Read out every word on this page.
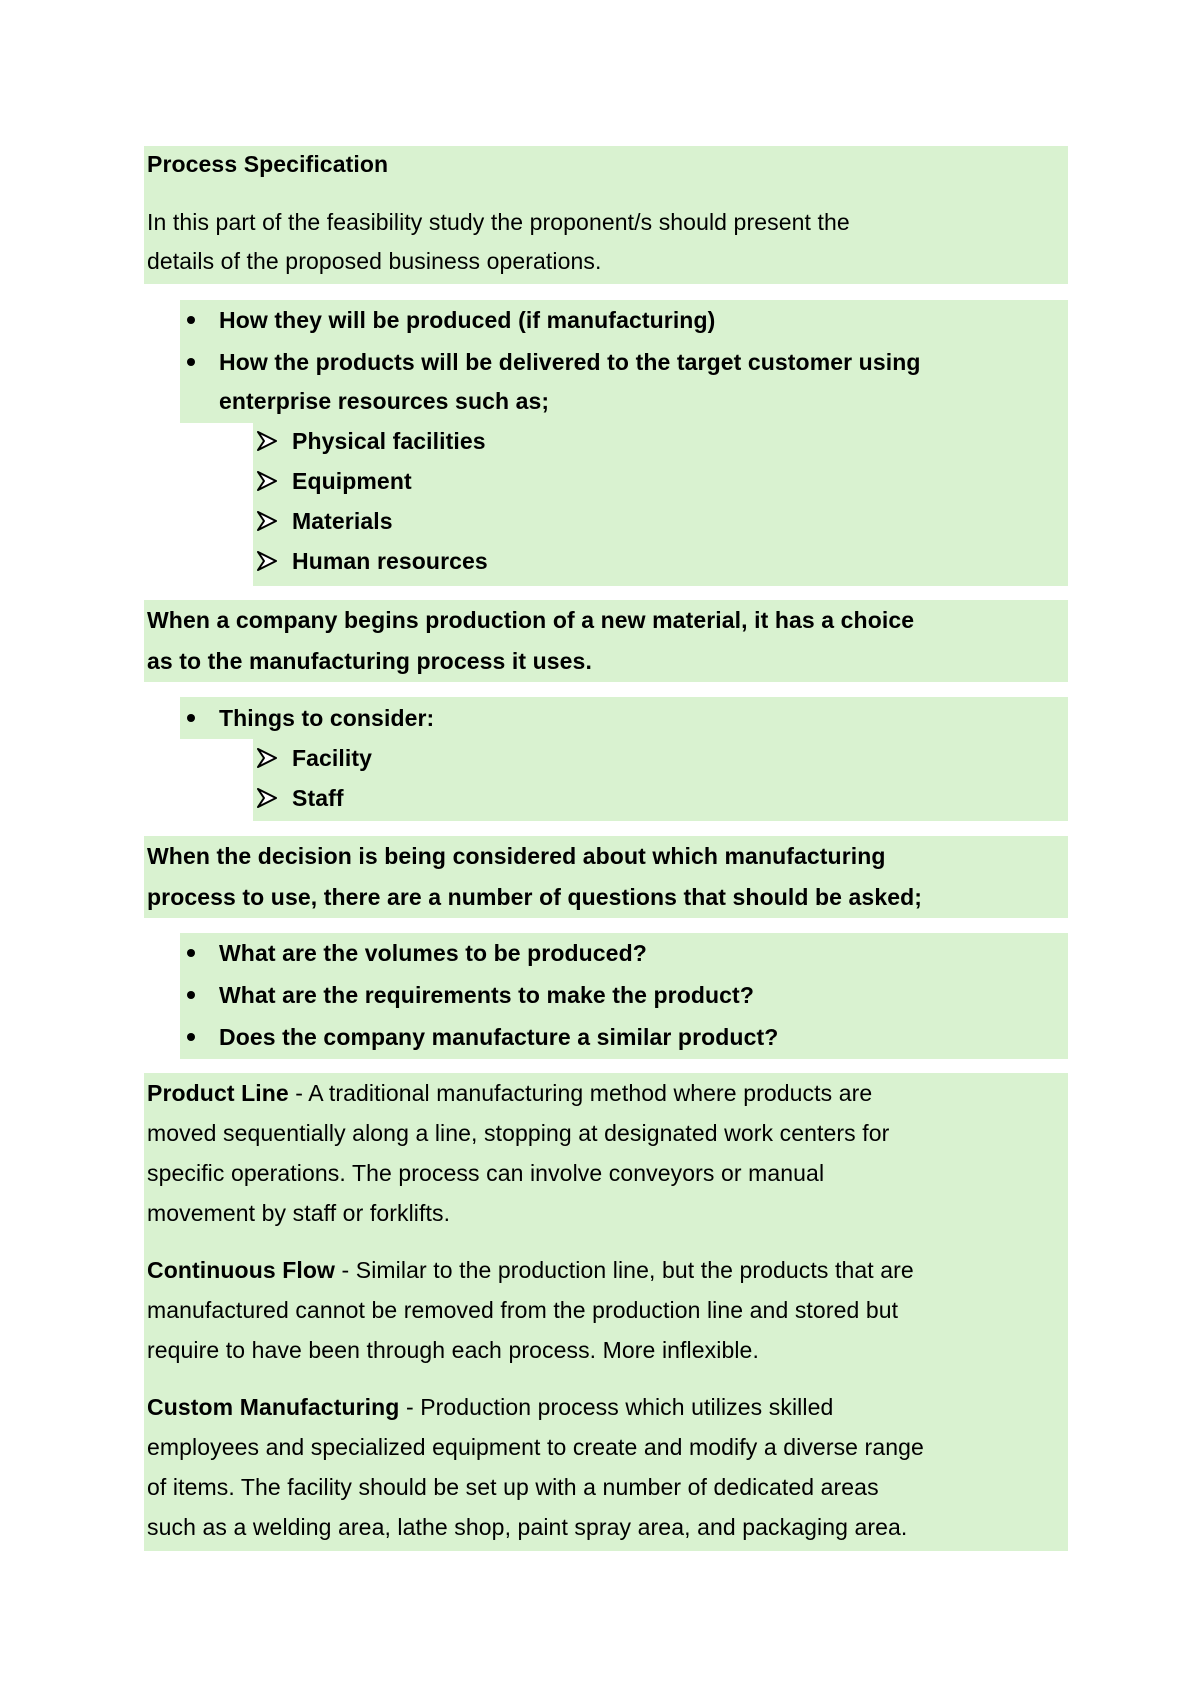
Process Specification
In this part of the feasibility study the proponent/s should present the
details of the proposed business operations.
How they will be produced (if manufacturing)
How the products will be delivered to the target customer using
enterprise resources such as;
Physical facilities
Equipment
Materials
Human resources
When a company begins production of a new material, it has a choice
as to the manufacturing process it uses.
Things to consider:
Facility
Staff
When the decision is being considered about which manufacturing
process to use, there are a number of questions that should be asked;
What are the volumes to be produced?
What are the requirements to make the product?
Does the company manufacture a similar product?
Product Line - A traditional manufacturing method where products are
moved sequentially along a line, stopping at designated work centers for
specific operations. The process can involve conveyors or manual
movement by staff or forklifts.
Continuous Flow - Similar to the production line, but the products that are
manufactured cannot be removed from the production line and stored but
require to have been through each process. More inflexible.
Custom Manufacturing - Production process which utilizes skilled
employees and specialized equipment to create and modify a diverse range
of items. The facility should be set up with a number of dedicated areas
such as a welding area, lathe shop, paint spray area, and packaging area.
